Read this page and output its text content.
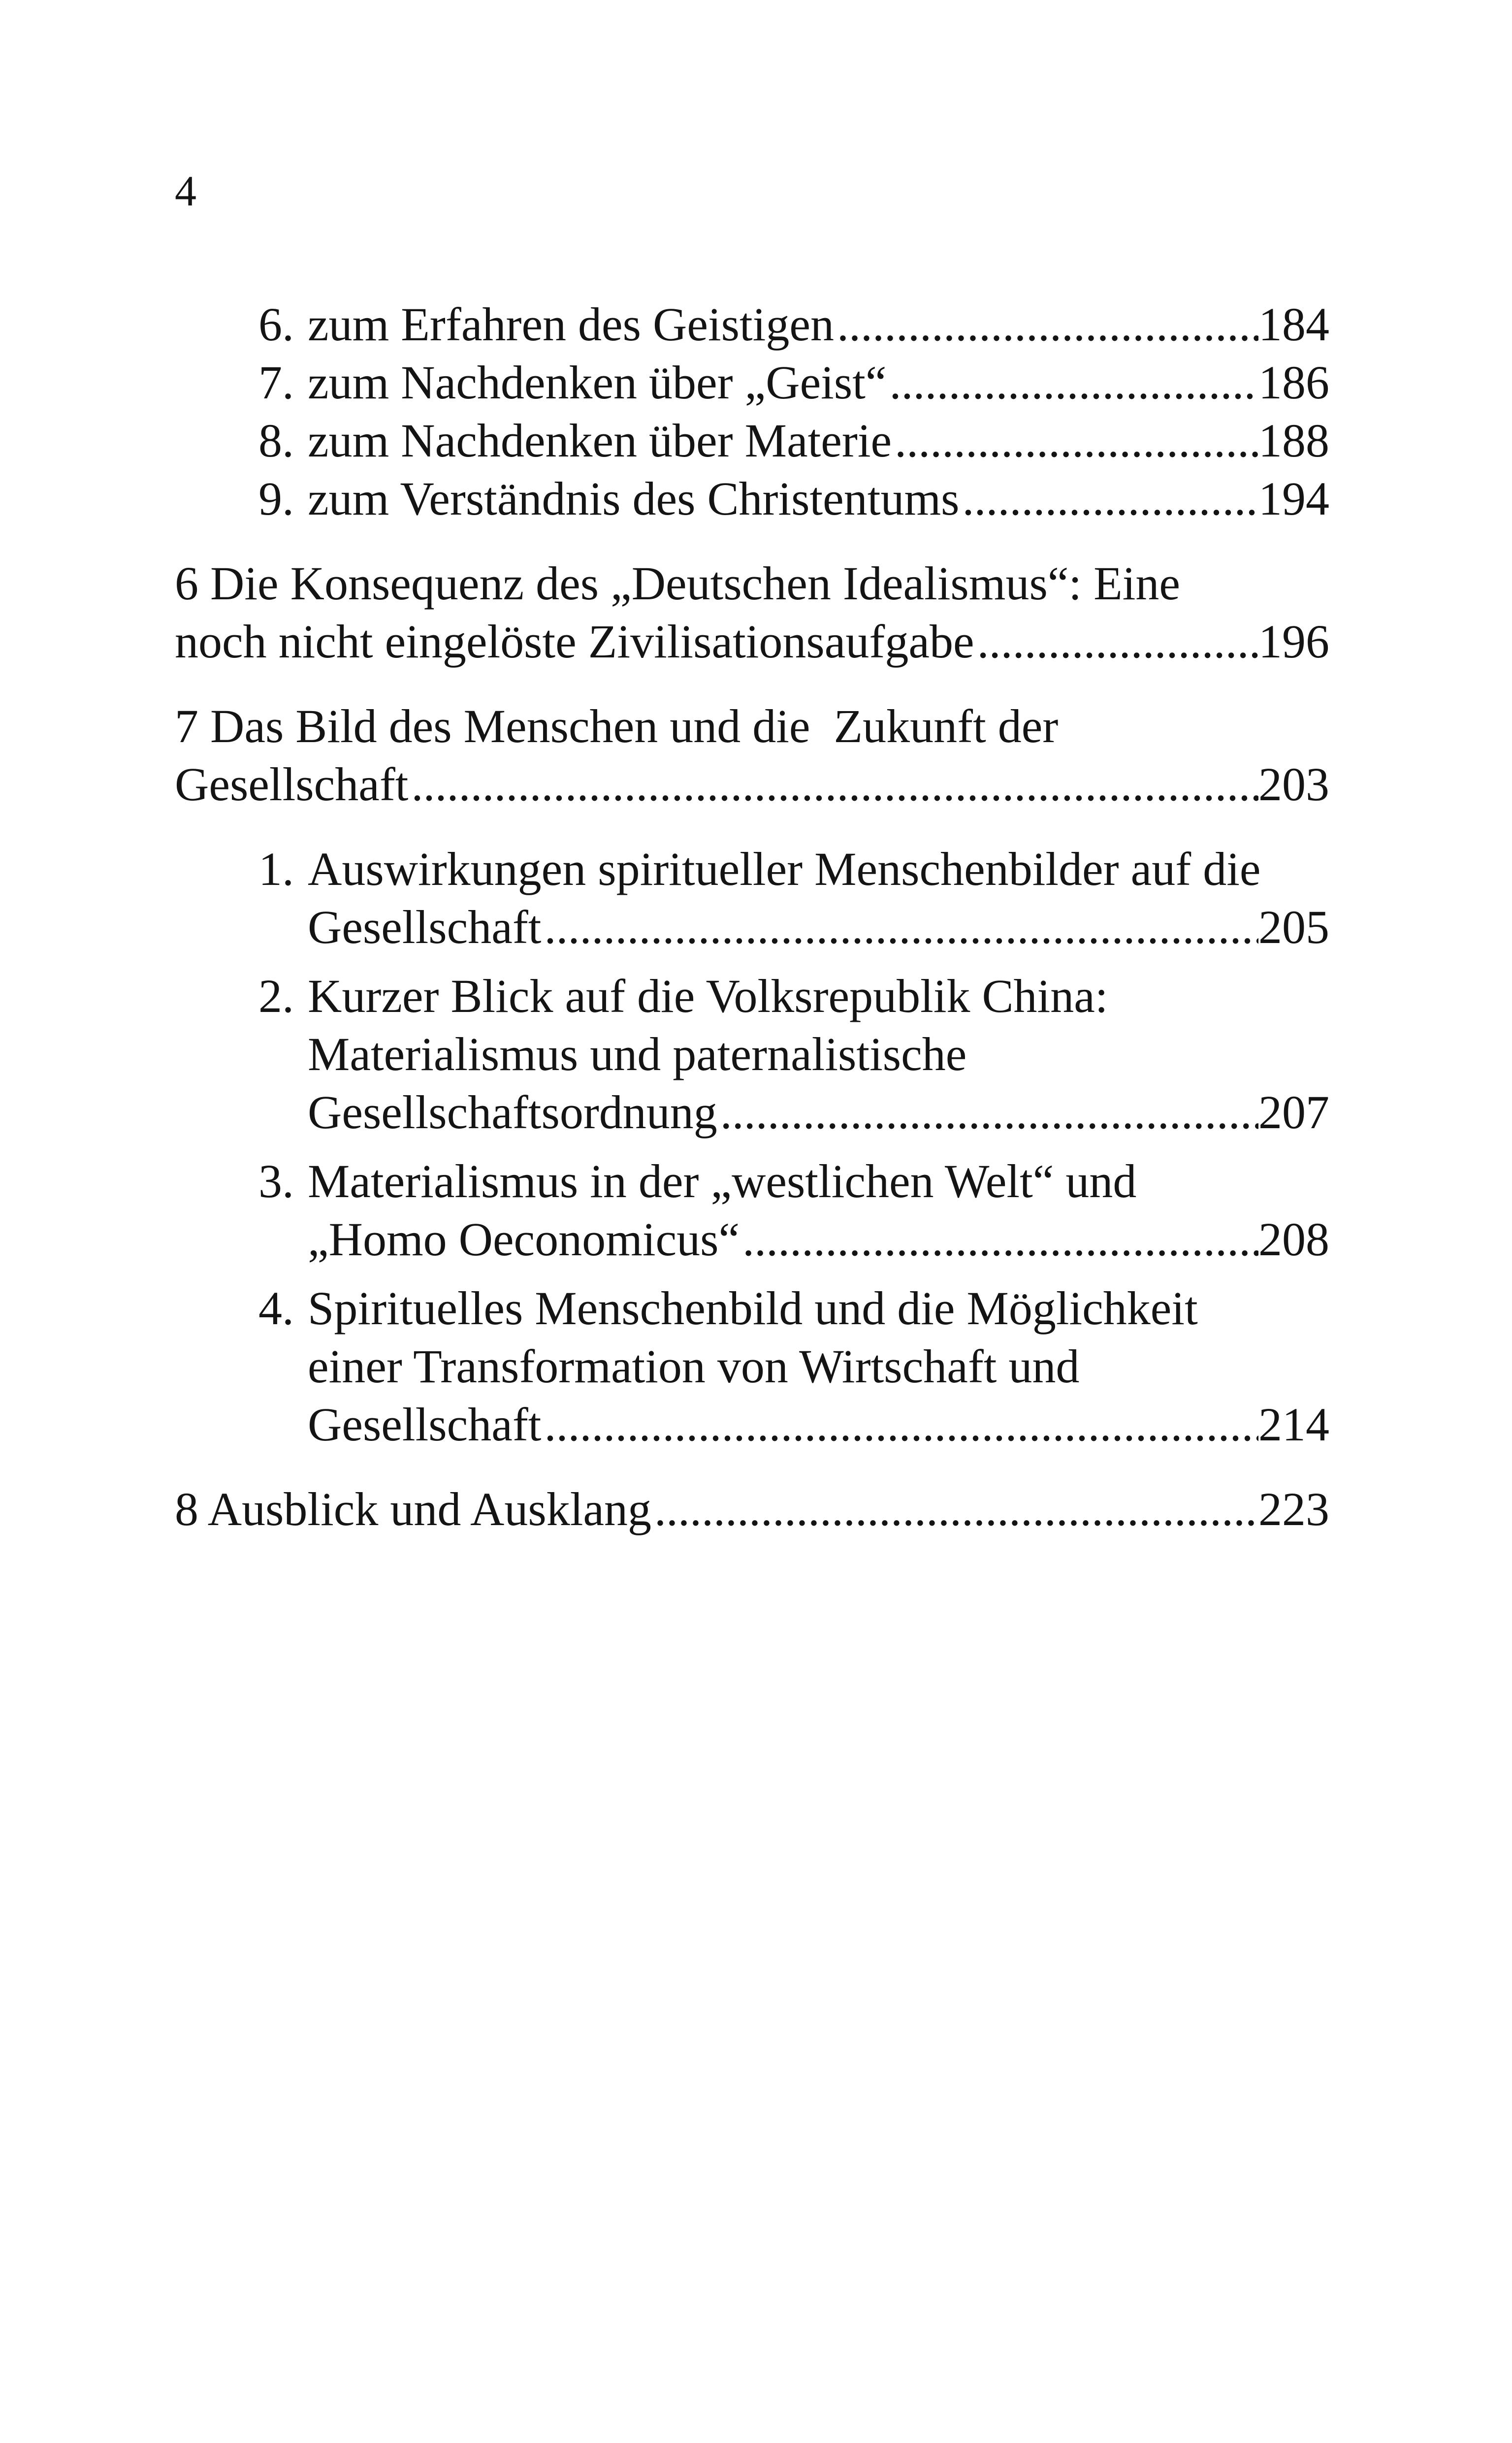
4
6. zum Erfahren des Geistigen .....	184
7. zum Nachdenken über „Geist“ .....	186
8. zum Nachdenken über Materie .....	188
9. zum Verständnis des Christentums .....	194
6 Die Konsequenz des „Deutschen Idealismus“: Eine
noch nicht eingelöste Zivilisationsaufgabe .....	196
7 Das Bild des Menschen und die  Zukunft der
Gesellschaft .....	203
1. Auswirkungen spiritueller Menschenbilder auf die
Gesellschaft .....	205
2. Kurzer Blick auf die Volksrepublik China:
Materialismus und paternalistische
Gesellschaftsordnung .....	207
3. Materialismus in der „westlichen Welt“ und
„Homo Oeconomicus“ .....	208
4. Spirituelles Menschenbild und die Möglichkeit
einer Transformation von Wirtschaft und
Gesellschaft .....	214
8 Ausblick und Ausklang .....	223
